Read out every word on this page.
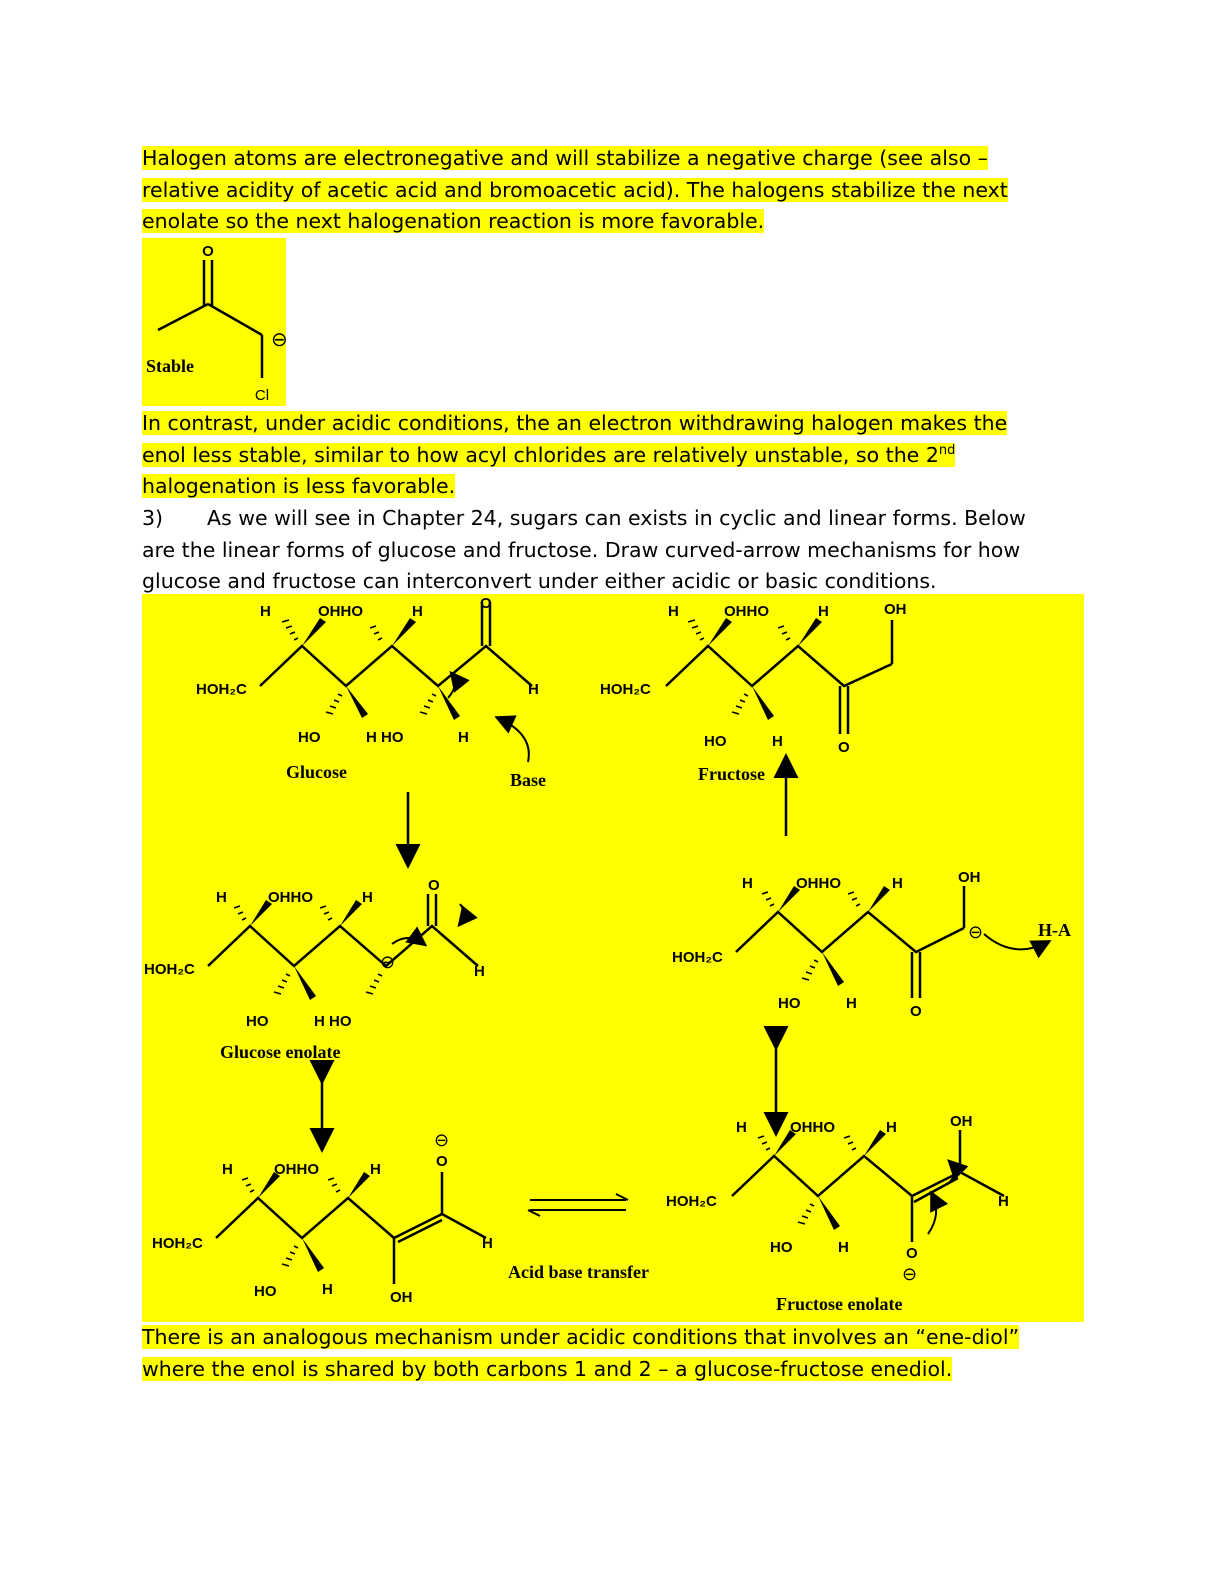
Halogen atoms are electronegative and will stabilize a negative charge (see also –
relative acidity of acetic acid and bromoacetic acid). The halogens stabilize the next
enolate so the next halogenation reaction is more favorable.
O
Cl
⊖
Stable
In contrast, under acidic conditions, the an electron withdrawing halogen makes the
enol less stable, similar to how acyl chlorides are relatively unstable, so the 2nd
halogenation is less favorable.
3) As we will see in Chapter 24, sugars can exists in cyclic and linear forms. Below
are the linear forms of glucose and fructose. Draw curved-arrow mechanisms for how
glucose and fructose can interconvert under either acidic or basic conditions.
H	OHHO	H	O
HOH₂C	H
HO	H HO	H
Glucose	Base
H	OHHO	H	OH
HOH₂C
O
HO	H
Fructose
H	OHHO	H
O
HOH₂C	H
⊖
HO	H HO
Glucose enolate
H	OHHO	H	OH
HOH₂C
⊖
O
HO	H
H-A
H	OHHO	H	O
⊖
HOH₂C	H
HO	H	OH
Acid base transfer
H	OHHO	H	OH
HOH₂C	H
O
⊖
HO	H
Fructose enolate
There is an analogous mechanism under acidic conditions that involves an “ene-diol”
where the enol is shared by both carbons 1 and 2 – a glucose-fructose enediol.
